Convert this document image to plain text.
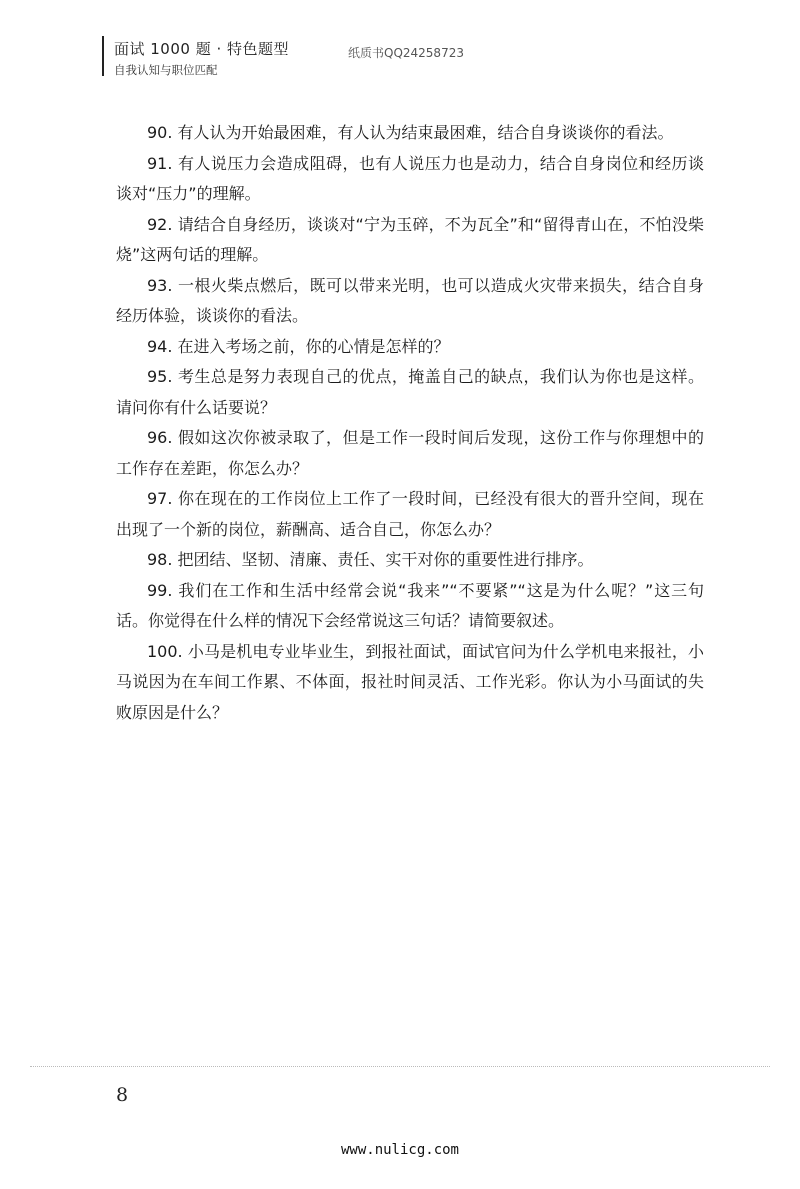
面试 1000 题 · 特色题型
自我认知与职位匹配
纸质书QQ24258723
90. 有人认为开始最困难，有人认为结束最困难，结合自身谈谈你的看法。
91. 有人说压力会造成阻碍，也有人说压力也是动力，结合自身岗位和经历谈谈对“压力”的理解。
92. 请结合自身经历，谈谈对“宁为玉碎，不为瓦全”和“留得青山在，不怕没柴烧”这两句话的理解。
93. 一根火柴点燃后，既可以带来光明，也可以造成火灾带来损失，结合自身经历体验，谈谈你的看法。
94. 在进入考场之前，你的心情是怎样的？
95. 考生总是努力表现自己的优点，掩盖自己的缺点，我们认为你也是这样。请问你有什么话要说？
96. 假如这次你被录取了，但是工作一段时间后发现，这份工作与你理想中的工作存在差距，你怎么办？
97. 你在现在的工作岗位上工作了一段时间，已经没有很大的晋升空间，现在出现了一个新的岗位，薪酬高、适合自己，你怎么办？
98. 把团结、坚韧、清廉、责任、实干对你的重要性进行排序。
99. 我们在工作和生活中经常会说“我来”“不要紧”“这是为什么呢？”这三句话。你觉得在什么样的情况下会经常说这三句话？请简要叙述。
100. 小马是机电专业毕业生，到报社面试，面试官问为什么学机电来报社，小马说因为在车间工作累、不体面，报社时间灵活、工作光彩。你认为小马面试的失败原因是什么？
8
www.nulicg.com
